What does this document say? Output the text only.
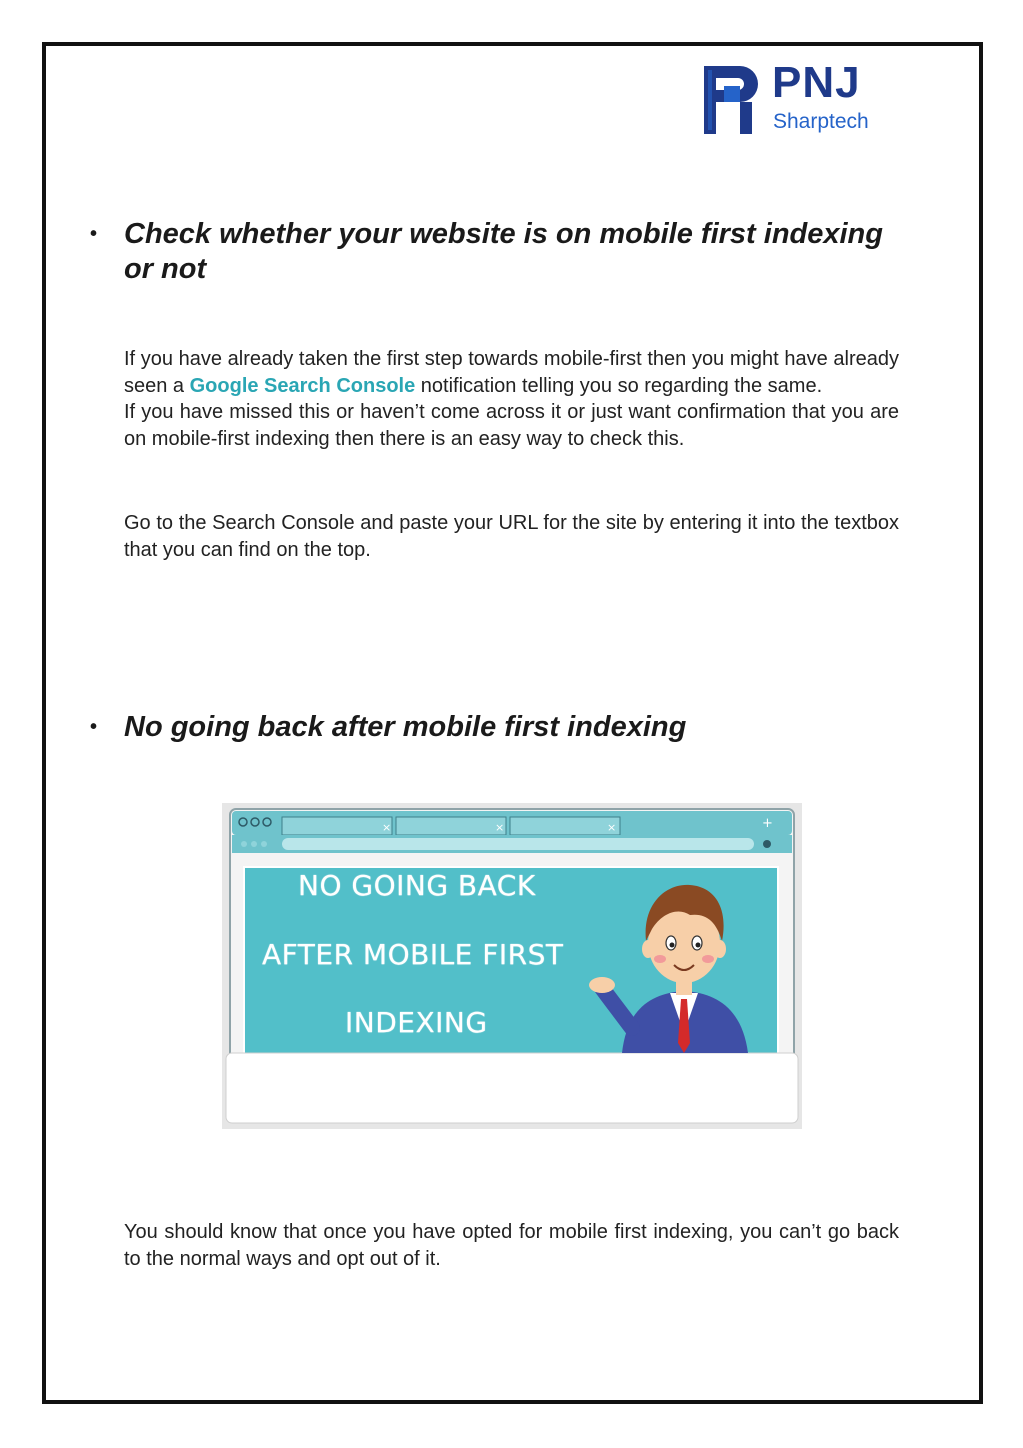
PNJ
Sharptech
• Check whether your website is on mobile first indexing or not

If you have already taken the first step towards mobile-first then you might have already seen a Google Search Console notification telling you so regarding the same.

If you have missed this or haven’t come across it or just want confirmation that you are on mobile-first indexing then there is an easy way to check this.

Go to the Search Console and paste your URL for the site by entering it into the textbox that you can find on the top.

• No going back after mobile first indexing
×	×	×	+
NO GOING BACK
AFTER MOBILE FIRST
INDEXING

You should know that once you have opted for mobile first indexing, you can’t go back to the normal ways and opt out of it.
